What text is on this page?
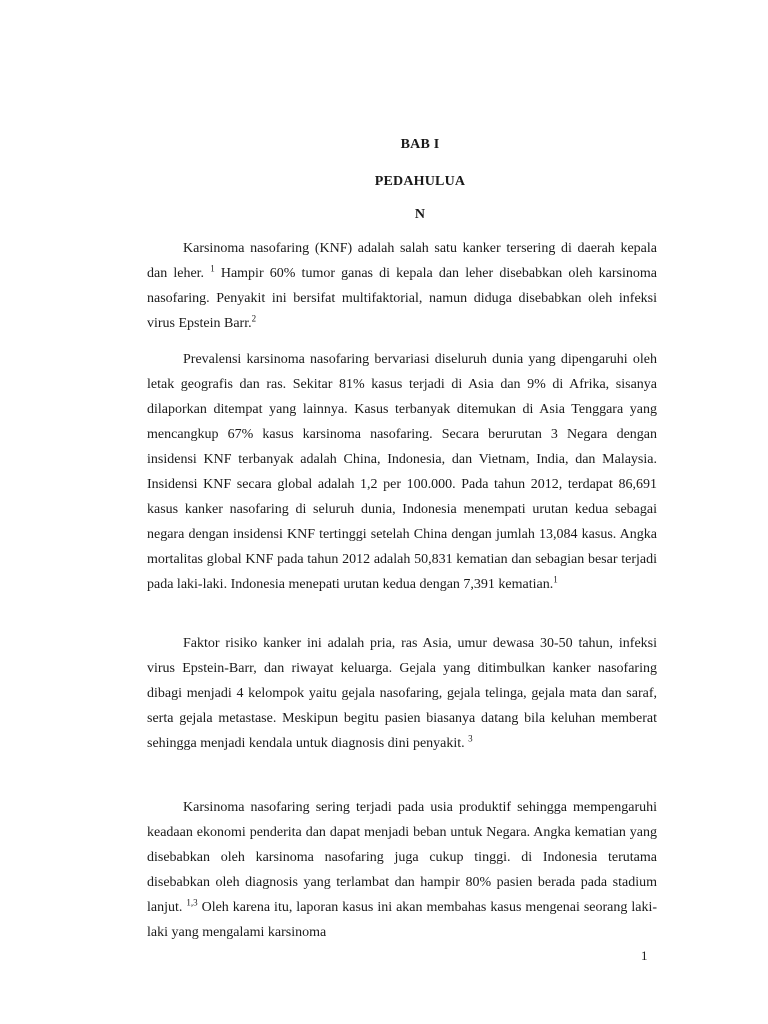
BAB I
PEDAHULUA
N

Karsinoma nasofaring (KNF) adalah salah satu kanker tersering di daerah kepala dan leher. $^1$ Hampir 60% tumor ganas di kepala dan leher disebabkan oleh karsinoma nasofaring. Penyakit ini bersifat multifaktorial, namun diduga disebabkan oleh infeksi virus Epstein Barr.$^2$

Prevalensi karsinoma nasofaring bervariasi diseluruh dunia yang dipengaruhi oleh letak geografis dan ras. Sekitar 81% kasus terjadi di Asia dan 9% di Afrika, sisanya dilaporkan ditempat yang lainnya. Kasus terbanyak ditemukan di Asia Tenggara yang mencangkup 67% kasus karsinoma nasofaring. Secara berurutan 3 Negara dengan insidensi KNF terbanyak adalah China, Indonesia, dan Vietnam, India, dan Malaysia. Insidensi KNF secara global adalah 1,2 per 100.000. Pada tahun 2012, terdapat 86,691 kasus kanker nasofaring di seluruh dunia, Indonesia menempati urutan kedua sebagai negara dengan insidensi KNF tertinggi setelah China dengan jumlah 13,084 kasus. Angka mortalitas global KNF pada tahun 2012 adalah 50,831 kematian dan sebagian besar terjadi pada laki-laki. Indonesia menepati urutan kedua dengan 7,391 kematian.$^1$

Faktor risiko kanker ini adalah pria, ras Asia, umur dewasa 30-50 tahun, infeksi virus Epstein-Barr, dan riwayat keluarga. Gejala yang ditimbulkan kanker nasofaring dibagi menjadi 4 kelompok yaitu gejala nasofaring, gejala telinga, gejala mata dan saraf, serta gejala metastase. Meskipun begitu pasien biasanya datang bila keluhan memberat sehingga menjadi kendala untuk diagnosis dini penyakit. $^3$

Karsinoma nasofaring sering terjadi pada usia produktif sehingga mempengaruhi keadaan ekonomi penderita dan dapat menjadi beban untuk Negara. Angka kematian yang disebabkan oleh karsinoma nasofaring juga cukup tinggi. di Indonesia terutama disebabkan oleh diagnosis yang terlambat dan hampir 80% pasien berada pada stadium lanjut. $^{1,3}$ Oleh karena itu, laporan kasus ini akan membahas kasus mengenai seorang laki-laki yang mengalami karsinoma

1
